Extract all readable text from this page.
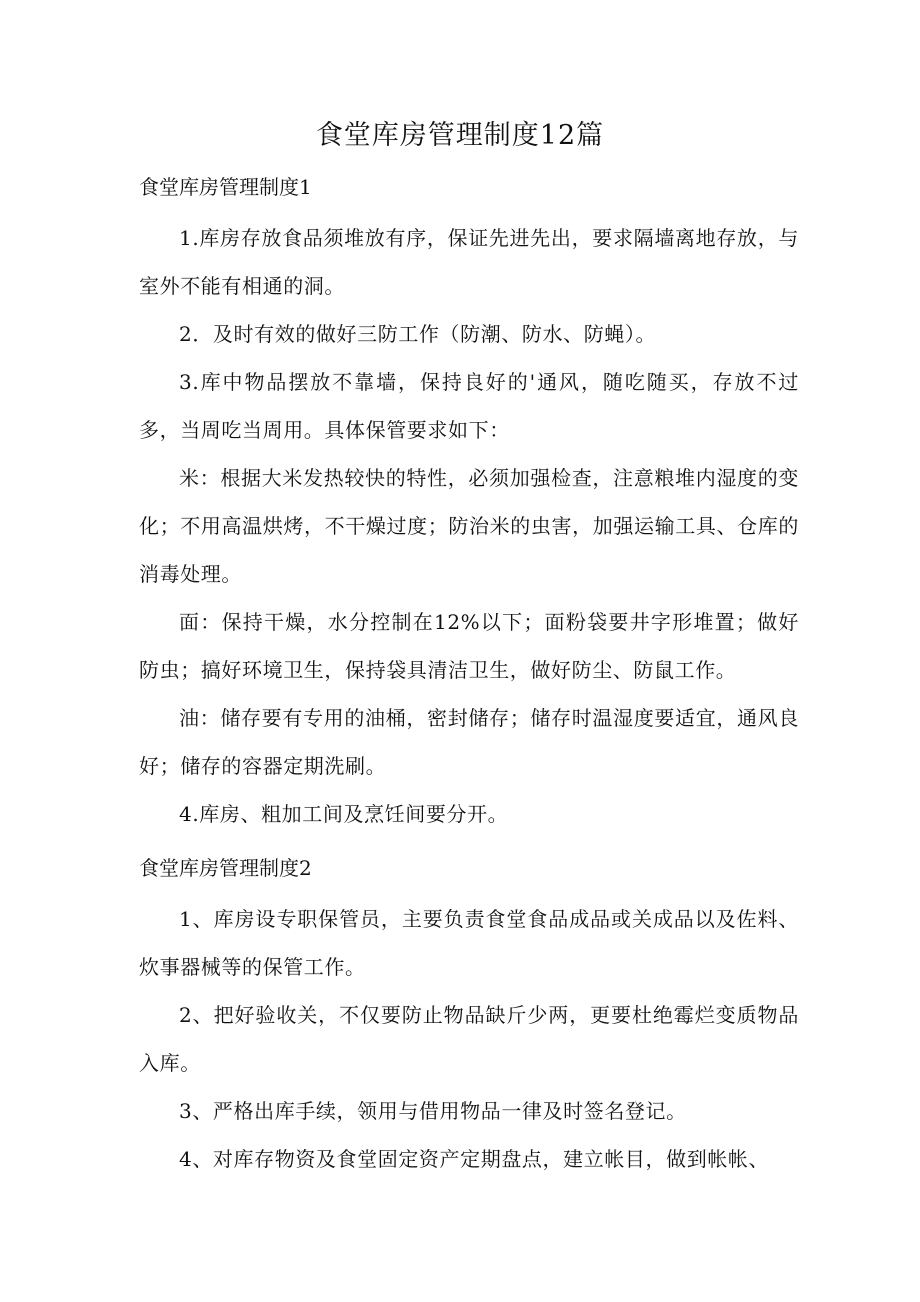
食堂库房管理制度12篇
食堂库房管理制度1

1.库房存放食品须堆放有序，保证先进先出，要求隔墙离地存放，与室外不能有相通的洞。

2．及时有效的做好三防工作（防潮、防水、防蝇）。

3.库中物品摆放不靠墙，保持良好的'通风，随吃随买，存放不过多，当周吃当周用。具体保管要求如下：

米：根据大米发热较快的特性，必须加强检查，注意粮堆内湿度的变化；不用高温烘烤，不干燥过度；防治米的虫害，加强运输工具、仓库的消毒处理。

面：保持干燥，水分控制在12%以下；面粉袋要井字形堆置；做好防虫；搞好环境卫生，保持袋具清洁卫生，做好防尘、防鼠工作。

油：储存要有专用的油桶，密封储存；储存时温湿度要适宜，通风良好；储存的容器定期洗刷。

4.库房、粗加工间及烹饪间要分开。

食堂库房管理制度2

1、库房设专职保管员，主要负责食堂食品成品或关成品以及佐料、炊事器械等的保管工作。

2、把好验收关，不仅要防止物品缺斤少两，更要杜绝霉烂变质物品入库。

3、严格出库手续，领用与借用物品一律及时签名登记。

4、对库存物资及食堂固定资产定期盘点，建立帐目，做到帐帐、
